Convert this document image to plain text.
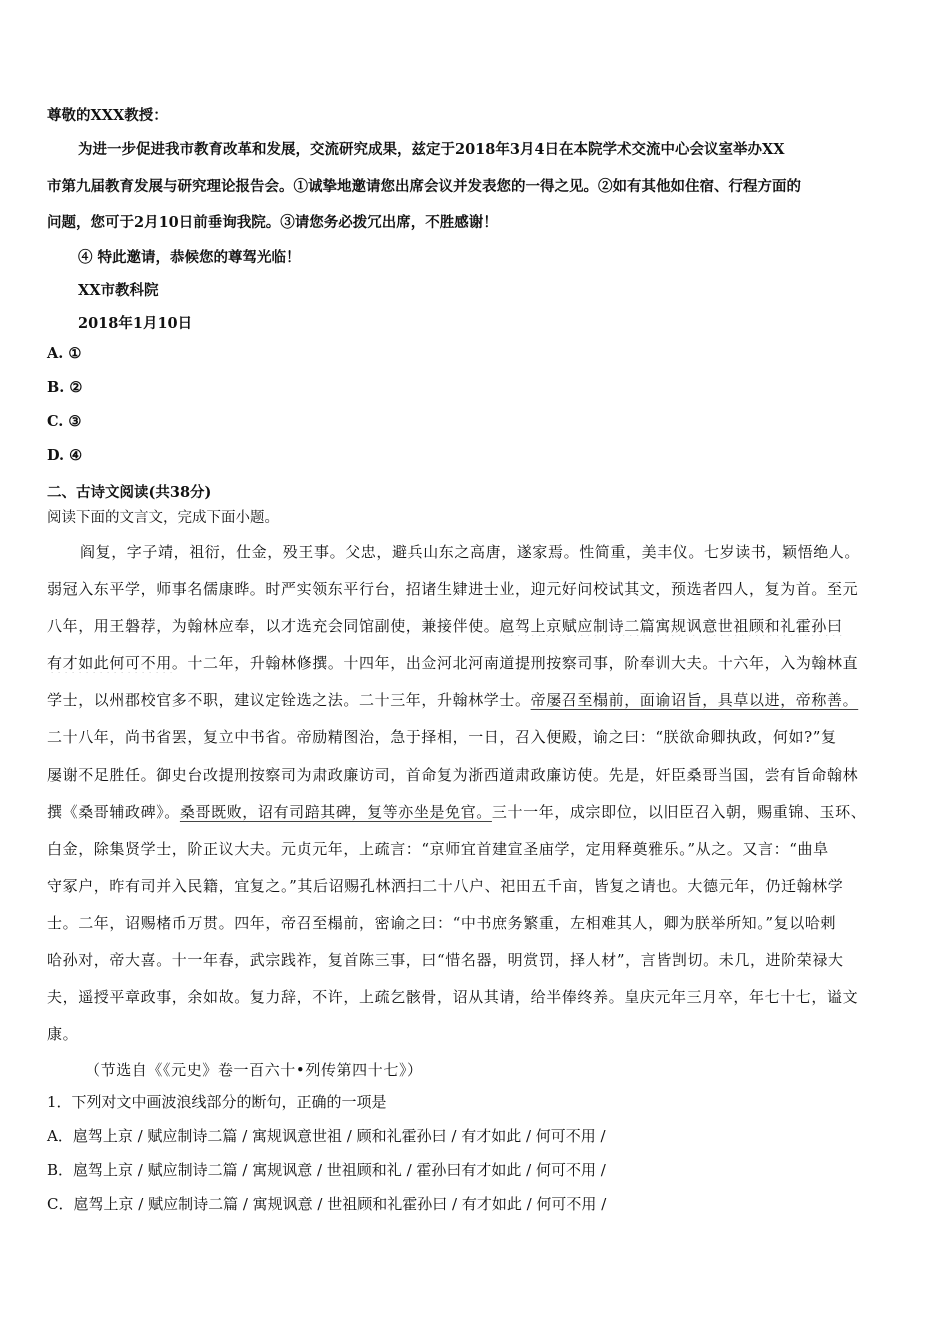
尊敬的XXX教授：
为进一步促进我市教育改革和发展，交流研究成果，兹定于2018年3月4日在本院学术交流中心会议室举办XX
市第九届教育发展与研究理论报告会。①诚挚地邀请您出席会议并发表您的一得之见。②如有其他如住宿、行程方面的
问题，您可于2月10日前垂询我院。③请您务必拨冗出席，不胜感谢！
④ 特此邀请，恭候您的尊驾光临！
XX市教科院
2018年1月10日
A. ①
B. ②
C. ③
D. ④
二、古诗文阅读(共38分)
阅读下面的文言文，完成下面小题。
阎复，字子靖，祖衍，仕金，殁王事。父忠，避兵山东之高唐，遂家焉。性简重，美丰仪。七岁读书，颖悟绝人。
弱冠入东平学，师事名儒康晔。时严实领东平行台，招诸生肄进士业，迎元好问校试其文，预选者四人，复为首。至元
八年，用王磐荐，为翰林应奉，以才选充会同馆副使，兼接伴使。扈驾上京赋应制诗二篇寓规讽意世祖顾和礼霍孙曰
有才如此何可不用。十二年，升翰林修撰。十四年，出佥河北河南道提刑按察司事，阶奉训大夫。十六年，入为翰林直
学士，以州郡校官多不职，建议定铨选之法。二十三年，升翰林学士。帝屡召至榻前，面谕诏旨，具草以进，帝称善。
二十八年，尚书省罢，复立中书省。帝励精图治，急于择相，一日，召入便殿，谕之曰：“朕欲命卿执政，何如?”复
屡谢不足胜任。御史台改提刑按察司为肃政廉访司，首命复为浙西道肃政廉访使。先是，奸臣桑哥当国，尝有旨命翰林
撰《桑哥辅政碑》。桑哥既败，诏有司踣其碑，复等亦坐是免官。三十一年，成宗即位，以旧臣召入朝，赐重锦、玉环、
白金，除集贤学士，阶正议大夫。元贞元年，上疏言：“京师宜首建宣圣庙学，定用释奠雅乐。”从之。又言：“曲阜
守冢户，昨有司并入民籍，宜复之。”其后诏赐孔林洒扫二十八户、祀田五千亩，皆复之请也。大德元年，仍迁翰林学
士。二年，诏赐楮币万贯。四年，帝召至榻前，密谕之曰：“中书庶务繁重，左相难其人，卿为朕举所知。”复以哈剌
哈孙对，帝大喜。十一年春，武宗践祚，复首陈三事，曰“惜名器，明赏罚，择人材”，言皆剀切。未几，进阶荣禄大
夫，遥授平章政事，余如故。复力辞，不许，上疏乞骸骨，诏从其请，给半俸终养。皇庆元年三月卒，年七十七，谥文
康。
（节选自《《元史》卷一百六十•列传第四十七》）
1．下列对文中画波浪线部分的断句，正确的一项是
A．扈驾上京 / 赋应制诗二篇 / 寓规讽意世祖 / 顾和礼霍孙曰 / 有才如此 / 何可不用 /
B．扈驾上京 / 赋应制诗二篇 / 寓规讽意 / 世祖顾和礼 / 霍孙曰有才如此 / 何可不用 /
C．扈驾上京 / 赋应制诗二篇 / 寓规讽意 / 世祖顾和礼霍孙曰 / 有才如此 / 何可不用 /
